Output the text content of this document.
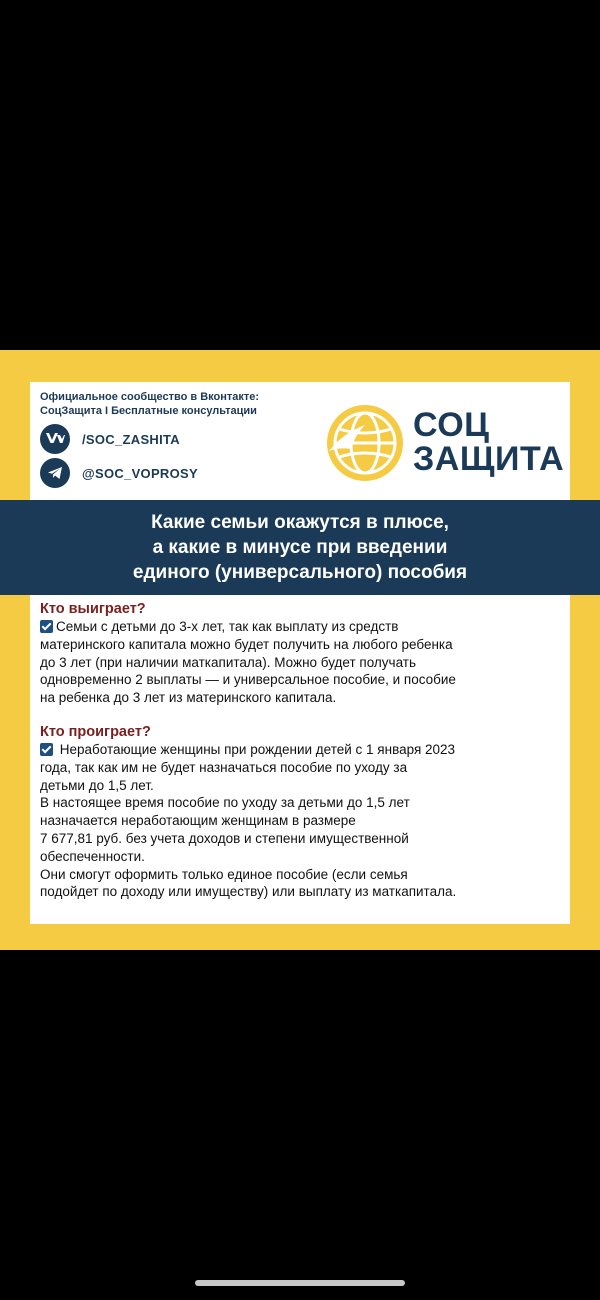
Официальное сообщество в Вконтакте:
СоцЗащита I Бесплатные консультации
/SOC_ZASHITA
@SOC_VOPROSY
СОЦ
ЗАЩИТА
Кто выиграет?
Семьи с детьми до 3-х лет, так как выплату из средств
материнского капитала можно будет получить на любого ребенка
до 3 лет (при наличии маткапитала). Можно будет получать
одновременно 2 выплаты — и универсальное пособие, и пособие
на ребенка до 3 лет из материнского капитала.
Кто проиграет?
Неработающие женщины при рождении детей с 1 января 2023
года, так как им не будет назначаться пособие по уходу за
детьми до 1,5 лет.
В настоящее время пособие по уходу за детьми до 1,5 лет
назначается неработающим женщинам в размере
7 677,81 руб. без учета доходов и степени имущественной
обеспеченности.
Они смогут оформить только единое пособие (если семья
подойдет по доходу или имуществу) или выплату из маткапитала.
Какие семьи окажутся в плюсе,
а какие в минусе при введении
единого (универсального) пособия
